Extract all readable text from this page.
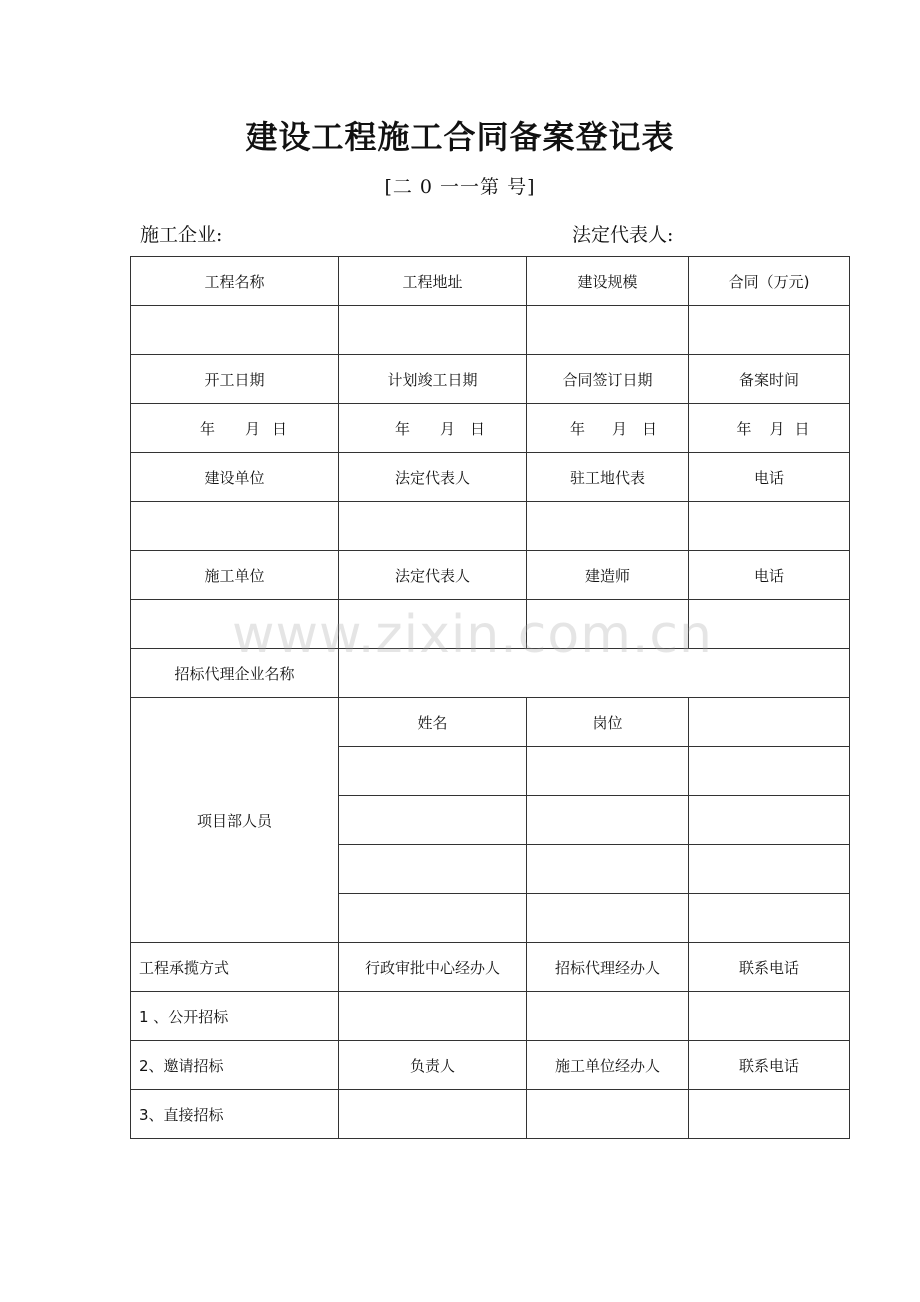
建设工程施工合同备案登记表
[二 0 一一第 号]
施工企业:	法定代表人:
工程名称	工程地址	建设规模	合同（万元)

开工日期	计划竣工日期	合同签订日期	备案时间
年 月 日	年 月 日	年 月 日	年 月 日
建设单位	法定代表人	驻工地代表	电话

施工单位	法定代表人	建造师	电话

招标代理企业名称			
项目部人员	姓名	岗位	

工程承揽方式	行政审批中心经办人	招标代理经办人	联系电话
1 、公开招标			
2、邀请招标	负责人	施工单位经办人	联系电话
3、直接招标			
www.zixin.com.cn
